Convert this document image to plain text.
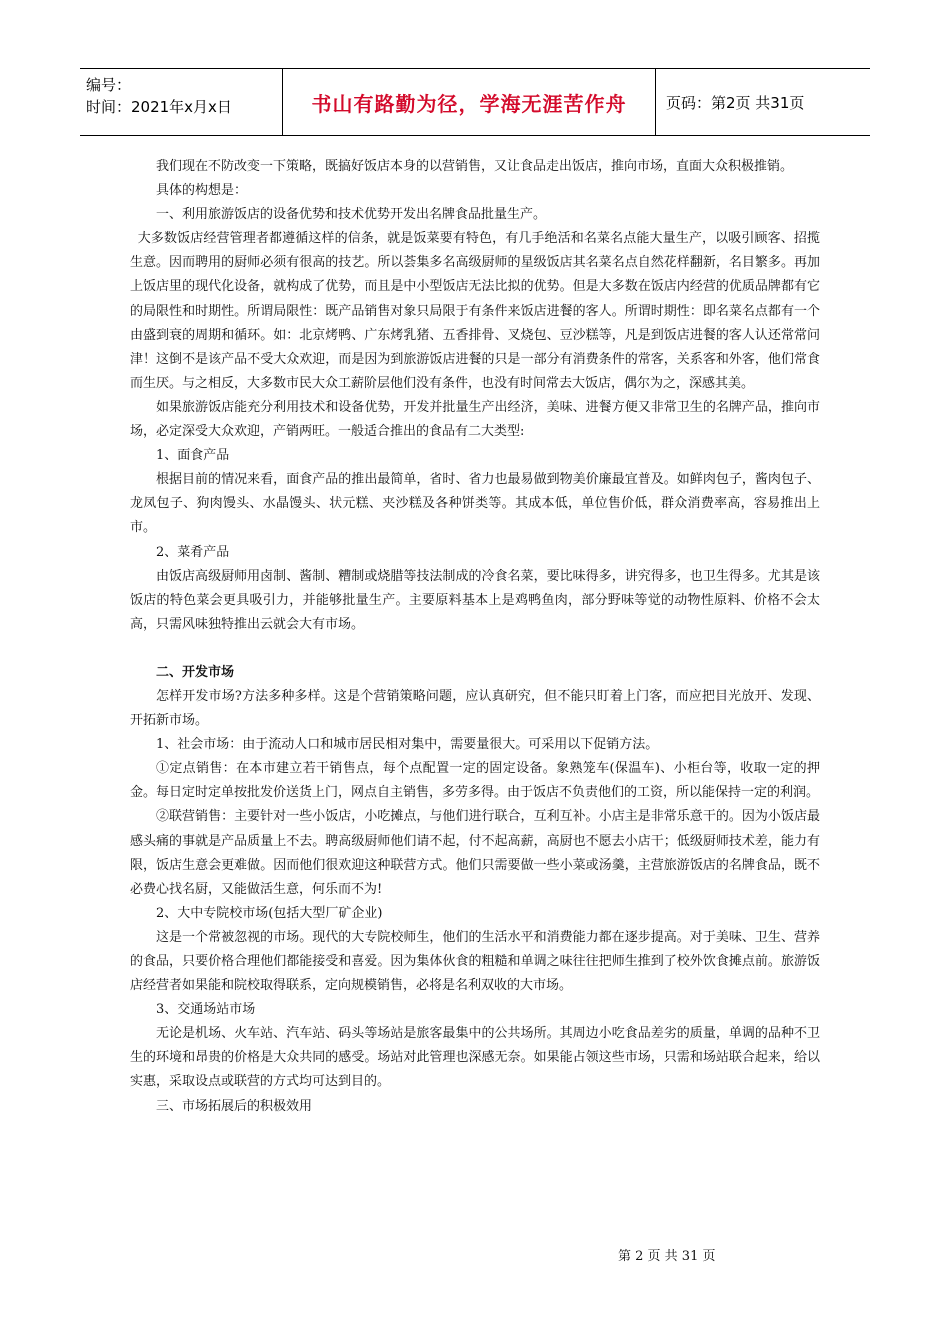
编号：
时间：2021年x月x日	书山有路勤为径，学海无涯苦作舟	页码：第2页 共31页

我们现在不防改变一下策略，既搞好饭店本身的以营销售，又让食品走出饭店，推向市场，直面大众积极推销。

具体的构想是：

一、利用旅游饭店的设备优势和技术优势开发出名牌食品批量生产。

大多数饭店经营管理者都遵循这样的信条，就是饭菜要有特色，有几手绝活和名菜名点能大量生产，以吸引顾客、招揽生意。因而聘用的厨师必须有很高的技艺。所以荟集多名高级厨师的星级饭店其名菜名点自然花样翻新，名目繁多。再加上饭店里的现代化设备，就构成了优势，而且是中小型饭店无法比拟的优势。但是大多数在饭店内经营的优质品牌都有它的局限性和时期性。所谓局限性：既产品销售对象只局限于有条件来饭店进餐的客人。所谓时期性：即名菜名点都有一个由盛到衰的周期和循环。如：北京烤鸭、广东烤乳猪、五香排骨、叉烧包、豆沙糕等，凡是到饭店进餐的客人认还常常问津！这倒不是该产品不受大众欢迎，而是因为到旅游饭店进餐的只是一部分有消费条件的常客，关系客和外客，他们常食而生厌。与之相反，大多数市民大众工薪阶层他们没有条件，也没有时间常去大饭店，偶尔为之，深感其美。

如果旅游饭店能充分利用技术和设备优势，开发并批量生产出经济，美味、进餐方便又非常卫生的名牌产品，推向市场，必定深受大众欢迎，产销两旺。一般适合推出的食品有二大类型:

1、面食产品

根据目前的情况来看，面食产品的推出最简单，省时、省力也最易做到物美价廉最宜普及。如鲜肉包子，酱肉包子、龙凤包子、狗肉馒头、水晶馒头、状元糕、夹沙糕及各种饼类等。其成本低，单位售价低，群众消费率高，容易推出上市。

2、菜肴产品

由饭店高级厨师用卤制、酱制、糟制或烧腊等技法制成的冷食名菜，要比味得多，讲究得多，也卫生得多。尤其是该饭店的特色菜会更具吸引力，并能够批量生产。主要原料基本上是鸡鸭鱼肉，部分野味等觉的动物性原料、价格不会太高，只需风味独特推出云就会大有市场。

二、开发市场

怎样开发市场?方法多种多样。这是个营销策略问题，应认真研究，但不能只盯着上门客，而应把目光放开、发现、开拓新市场。

1、社会市场：由于流动人口和城市居民相对集中，需要量很大。可采用以下促销方法。

①定点销售：在本市建立若干销售点，每个点配置一定的固定设备。象熟笼车(保温车)、小柜台等，收取一定的押金。每日定时定单按批发价送货上门，网点自主销售，多劳多得。由于饭店不负责他们的工资，所以能保持一定的利润。

②联营销售：主要针对一些小饭店，小吃摊点，与他们进行联合，互利互补。小店主是非常乐意干的。因为小饭店最感头痛的事就是产品质量上不去。聘高级厨师他们请不起，付不起高薪，高厨也不愿去小店干；低级厨师技术差，能力有限，饭店生意会更难做。因而他们很欢迎这种联营方式。他们只需要做一些小菜或汤羹，主营旅游饭店的名牌食品，既不必费心找名厨，又能做活生意，何乐而不为!

2、大中专院校市场(包括大型厂矿企业)

这是一个常被忽视的市场。现代的大专院校师生，他们的生活水平和消费能力都在逐步提高。对于美味、卫生、营养的食品，只要价格合理他们都能接受和喜爱。因为集体伙食的粗糙和单调之味往往把师生推到了校外饮食摊点前。旅游饭店经营者如果能和院校取得联系，定向规模销售，必将是名利双收的大市场。

3、交通场站市场

无论是机场、火车站、汽车站、码头等场站是旅客最集中的公共场所。其周边小吃食品差劣的质量，单调的品种不卫生的环境和昂贵的价格是大众共同的感受。场站对此管理也深感无奈。如果能占领这些市场，只需和场站联合起来，给以实惠，采取设点或联营的方式均可达到目的。

三、市场拓展后的积极效用

第 2 页 共 31 页
